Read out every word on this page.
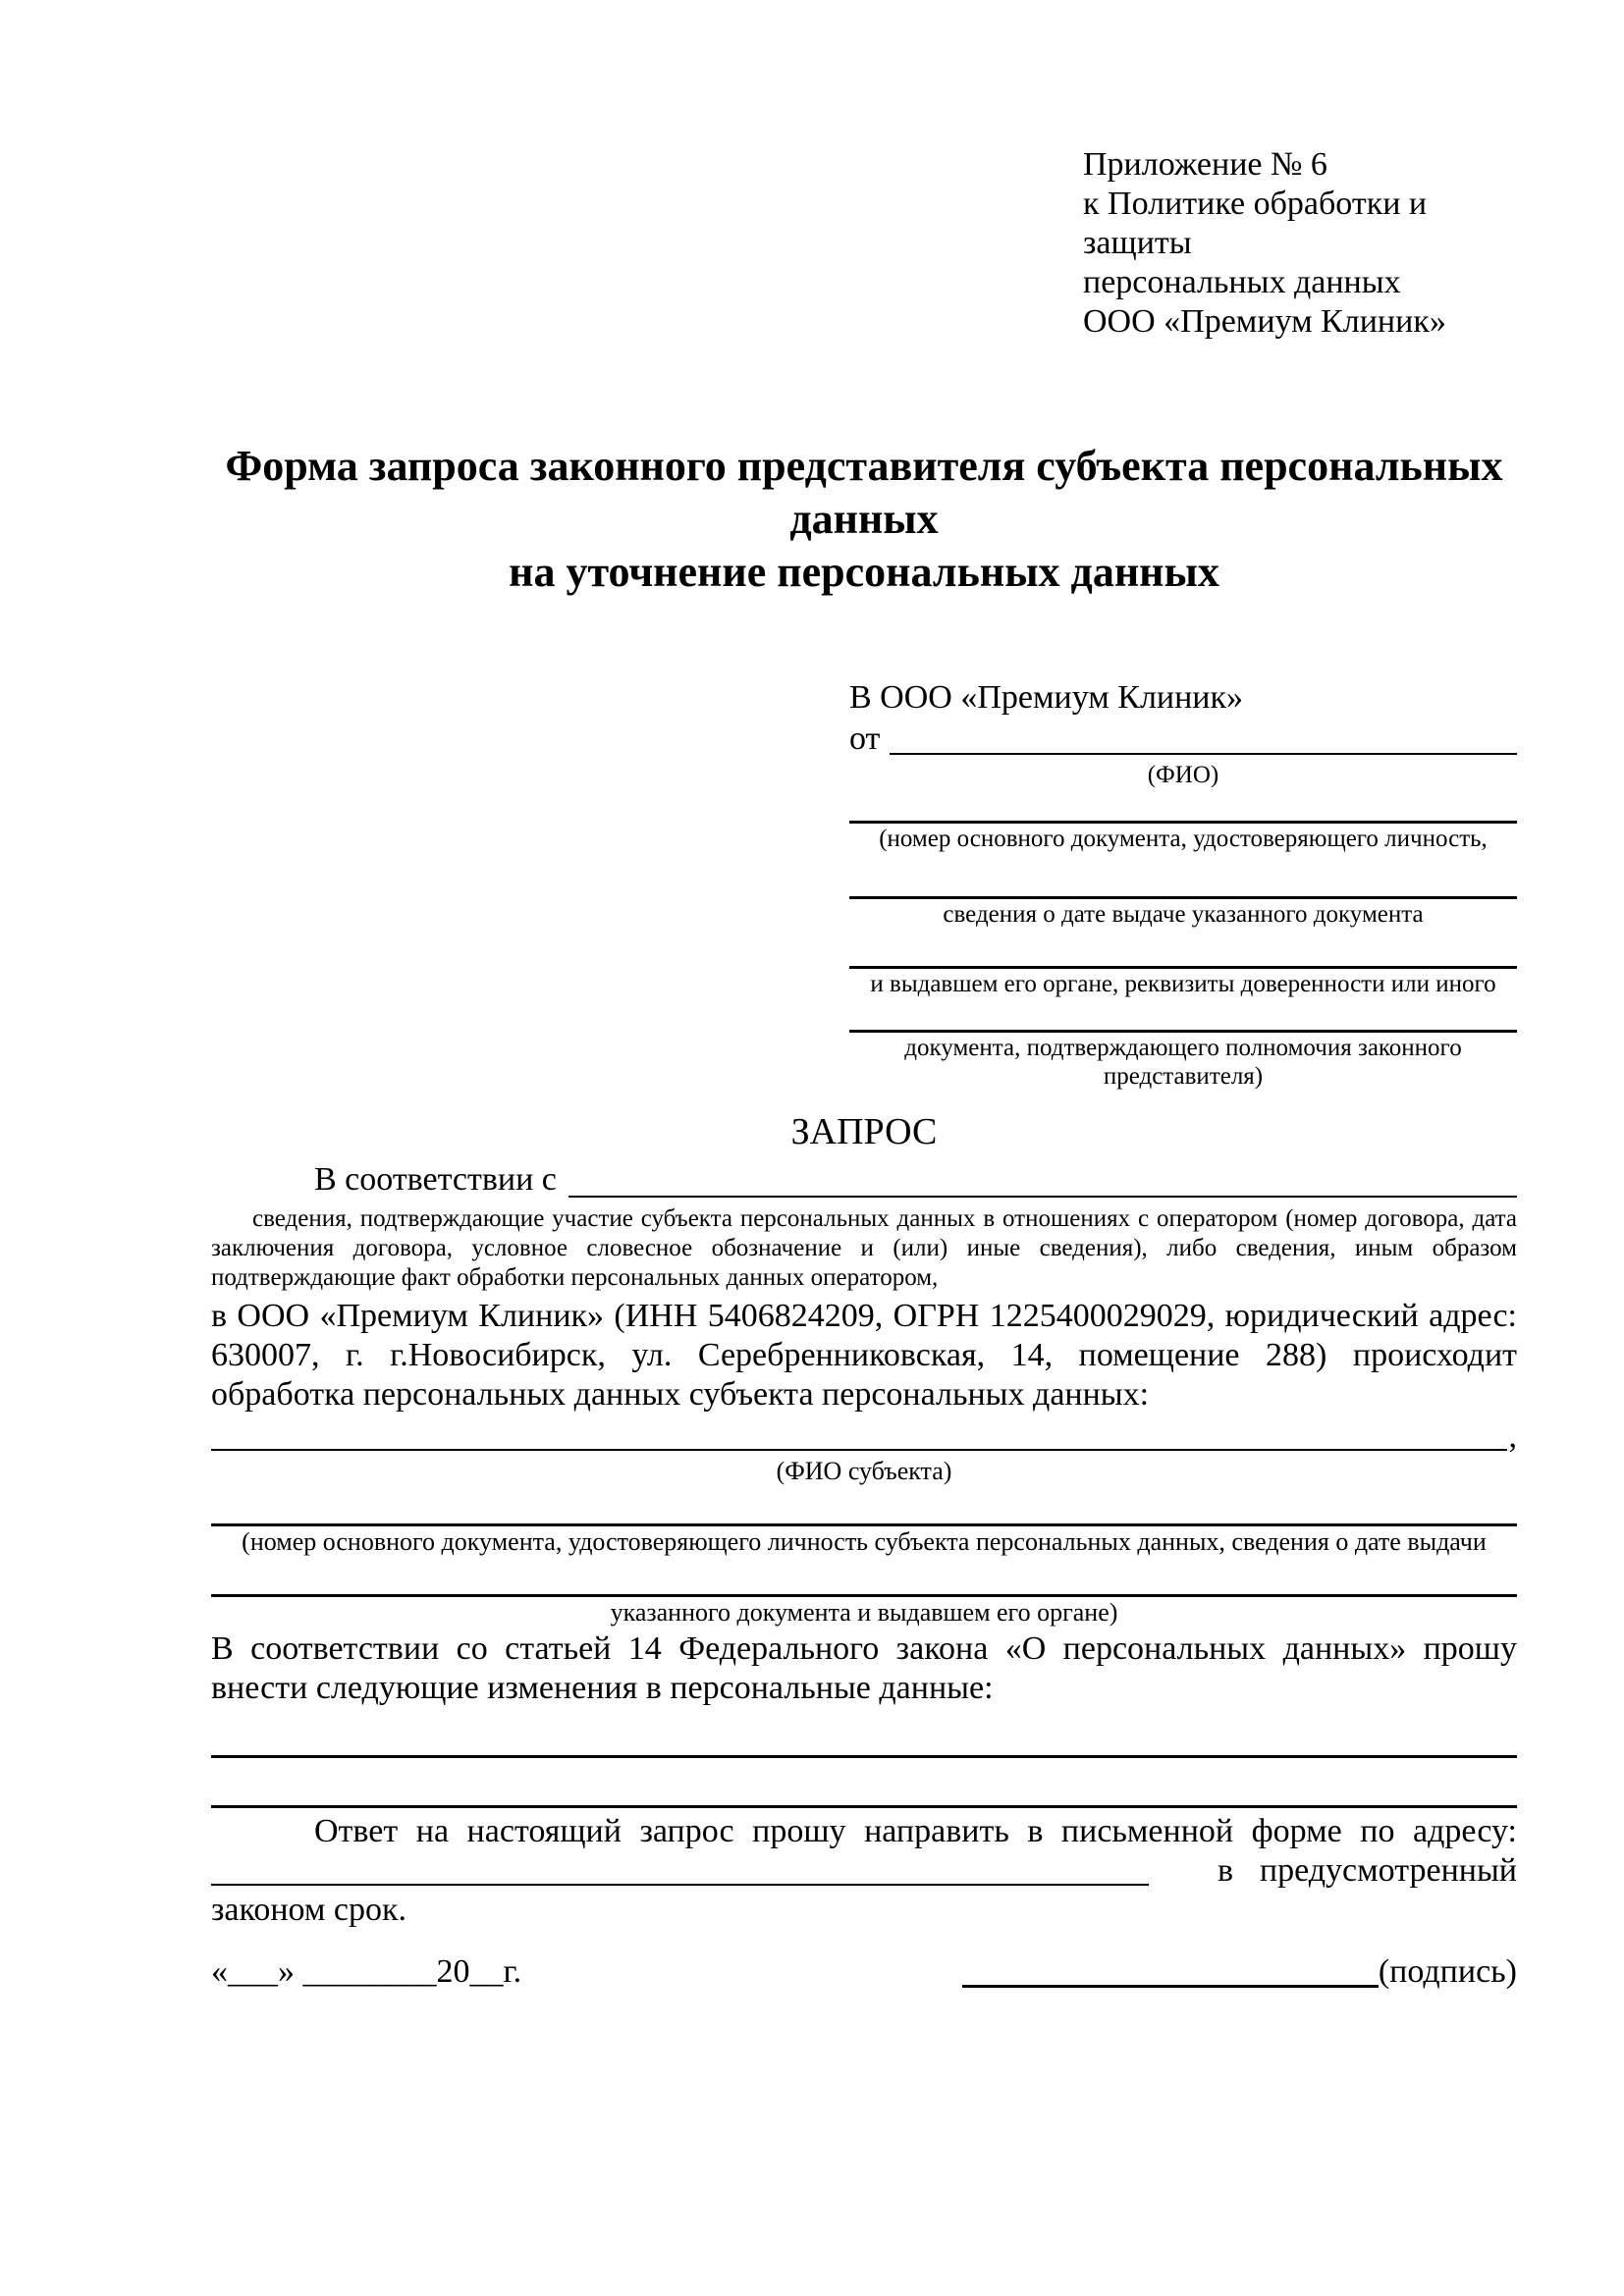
Приложение № 6
к Политике обработки и защиты
персональных данных
ООО «Премиум Клиник»
Форма запроса законного представителя субъекта персональных данных
на уточнение персональных данных
В ООО «Премиум Клиник»
от
(ФИО)
(номер основного документа, удостоверяющего личность,
сведения о дате выдаче указанного документа
и выдавшем его органе, реквизиты доверенности или иного
документа, подтверждающего полномочия законного представителя)
ЗАПРОС
В соответствии с

сведения, подтверждающие участие субъекта персональных данных в отношениях с оператором (номер договора, дата заключения договора, условное словесное обозначение и (или) иные сведения), либо сведения, иным образом подтверждающие факт обработки персональных данных оператором,

в ООО «Премиум Клиник» (ИНН 5406824209, ОГРН 1225400029029, юридический адрес: 630007, г. г.Новосибирск, ул. Серебренниковская, 14, помещение 288) происходит обработка персональных данных субъекта персональных данных:

,
(ФИО субъекта)
(номер основного документа, удостоверяющего личность субъекта персональных данных, сведения о дате выдачи
указанного документа и выдавшем его органе)

В соответствии со статьей 14 Федерального закона «О персональных данных» прошу внести следующие изменения в персональные данные:

Ответ на настоящий запрос прошу направить в письменной форме по адресу:

в предусмотренный

законом срок.

«___» ________20__г.	(подпись)
